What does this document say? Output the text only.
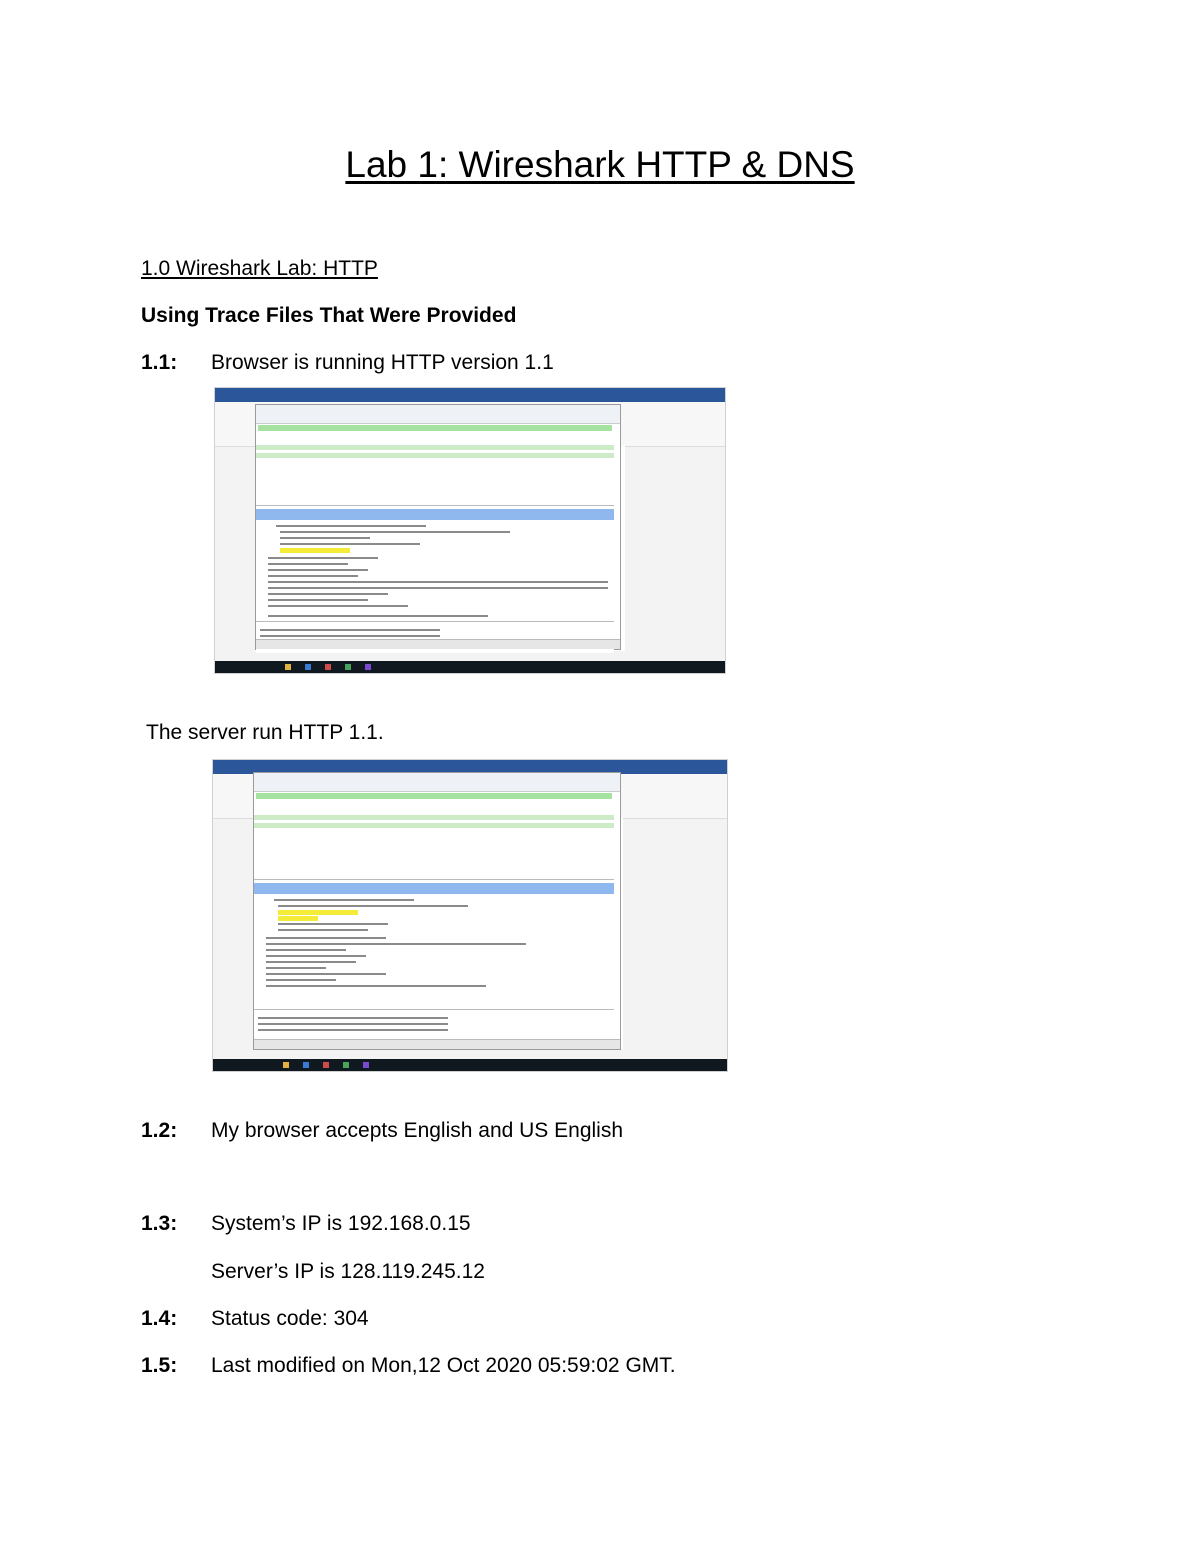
Lab 1: Wireshark HTTP & DNS
1.0 Wireshark Lab: HTTP
Using Trace Files That Were Provided
1.1: Browser is running HTTP version 1.1
The server run HTTP 1.1.
1.2: My browser accepts English and US English
1.3: System’s IP is 192.168.0.15
Server’s IP is 128.119.245.12
1.4: Status code: 304
1.5: Last modified on Mon,12 Oct 2020 05:59:02 GMT.
